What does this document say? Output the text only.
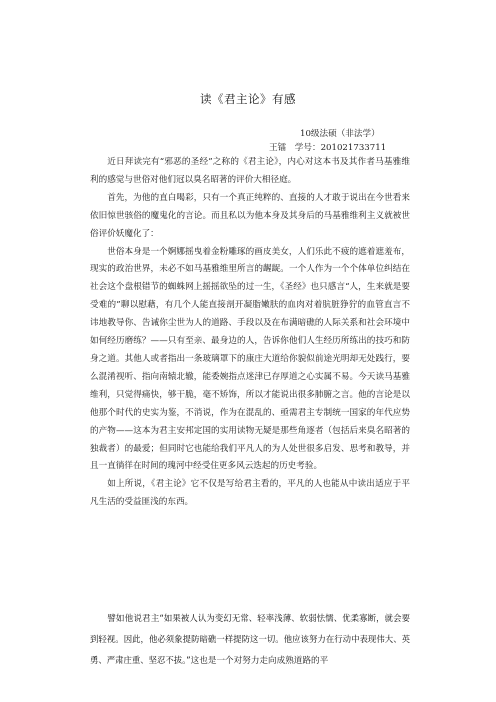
读《君主论》有感
10级法硕（非法学）
王镭　学号：201021733711

近日拜读完有“邪恶的圣经”之称的《君主论》，内心对这本书及其作者马基雅维利的感觉与世俗对他们冠以臭名昭著的评价大相径庭。

首先，为他的直白喝彩，只有一个真正纯粹的、直接的人才敢于说出在今世看来依旧惊世骇俗的魔鬼化的言论。而且私以为他本身及其身后的马基雅维利主义就被世俗评价妖魔化了：

世俗本身是一个婀娜摇曳着金粉雕琢的画皮美女，人们乐此不疲的遮着遮羞布，现实的政治世界，未必不如马基雅维里所言的龌龊。一个人作为一个个体单位纠结在社会这个盘根错节的蜘蛛网上摇摇欲坠的过一生，《圣经》也只感言“人，生来就是要受难的”聊以慰藉，有几个人能直接剖开凝脂嫩肤的血肉对着肮脏狰狞的血管直言不讳地教导你、告诫你尘世为人的道路、手段以及在布满暗礁的人际关系和社会环境中如何经历磨练？——只有至亲、最身边的人，告诉你他们人生经历所练出的技巧和防身之道。其他人或者指出一条玻璃罩下的康庄大道给你貌似前途光明却无处践行，要么混淆视听、指向南辕北辙，能委婉指点迷津已存厚道之心实属不易。今天读马基雅维利，只觉得痛快，够干脆，毫不矫饰，所以才能说出很多肺腑之言。他的言论是以他那个时代的史实为鉴，不消说，作为在混乱的、亟需君主专制统一国家的年代应势的产物——这本为君主安邦定国的实用读物无疑是那些角逐者（包括后来臭名昭著的独裁者）的最爱；但同时它也能给我们平凡人的为人处世很多启发、思考和教导，并且一直徜徉在时间的瑰河中经受住更多风云迭起的历史考验。

如上所说，《君主论》它不仅是写给君主看的，平凡的人也能从中读出适应于平凡生活的受益匪浅的东西。

譬如他说君主“如果被人认为变幻无常、轻率浅薄、软弱怯懦、优柔寡断，就会要到轻视。因此，他必须象提防暗礁一样提防这一切。他应该努力在行动中表现伟大、英勇、严肃庄重、坚忍不拔。”这也是一个对努力走向成熟道路的平
